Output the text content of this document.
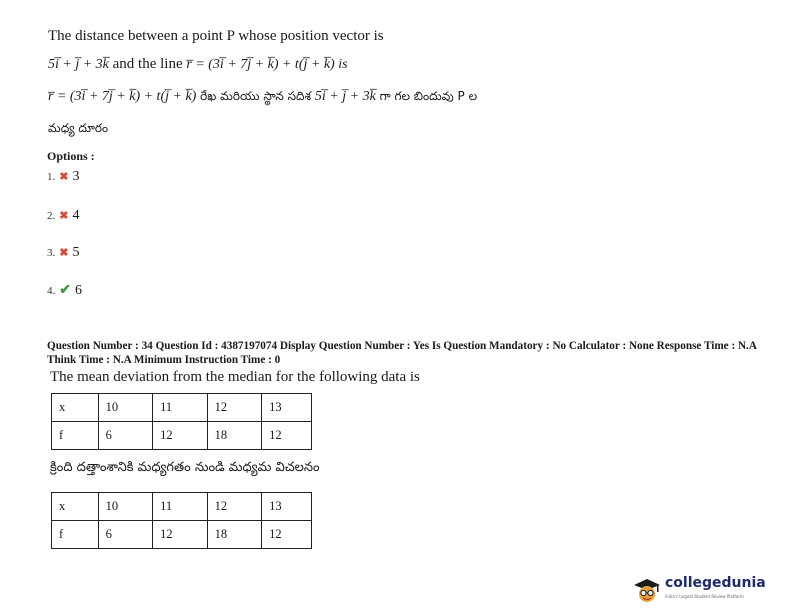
The distance between a point P whose position vector is
5i̅ + j̅ + 3k̅ and the line r̅ = (3i̅ + 7j̅ + k̅) + t(j̅ + k̅) is
r̅ = (3i̅ + 7j̅ + k̅) + t(j̅ + k̅) రేఖ మరియు స్థాన సదిశ 5i̅ + j̅ + 3k̅ గా గల బిందువు P ల
మధ్య దూరం
Options :
1. ✖ 3
2. ✖ 4
3. ✖ 5
4. ✔ 6
Question Number : 34 Question Id : 4387197074 Display Question Number : Yes Is Question Mandatory : No Calculator : None Response Time : N.A Think Time : N.A Minimum Instruction Time : 0
The mean deviation from the median for the following data is
x	10	11	12	13
f	6	12	18	12
క్రింది దత్తాంశానికి మధ్యగతం నుండి మధ్యమ విచలనం
x	10	11	12	13
f	6	12	18	12
collegedunia
India's largest Student Review Platform
